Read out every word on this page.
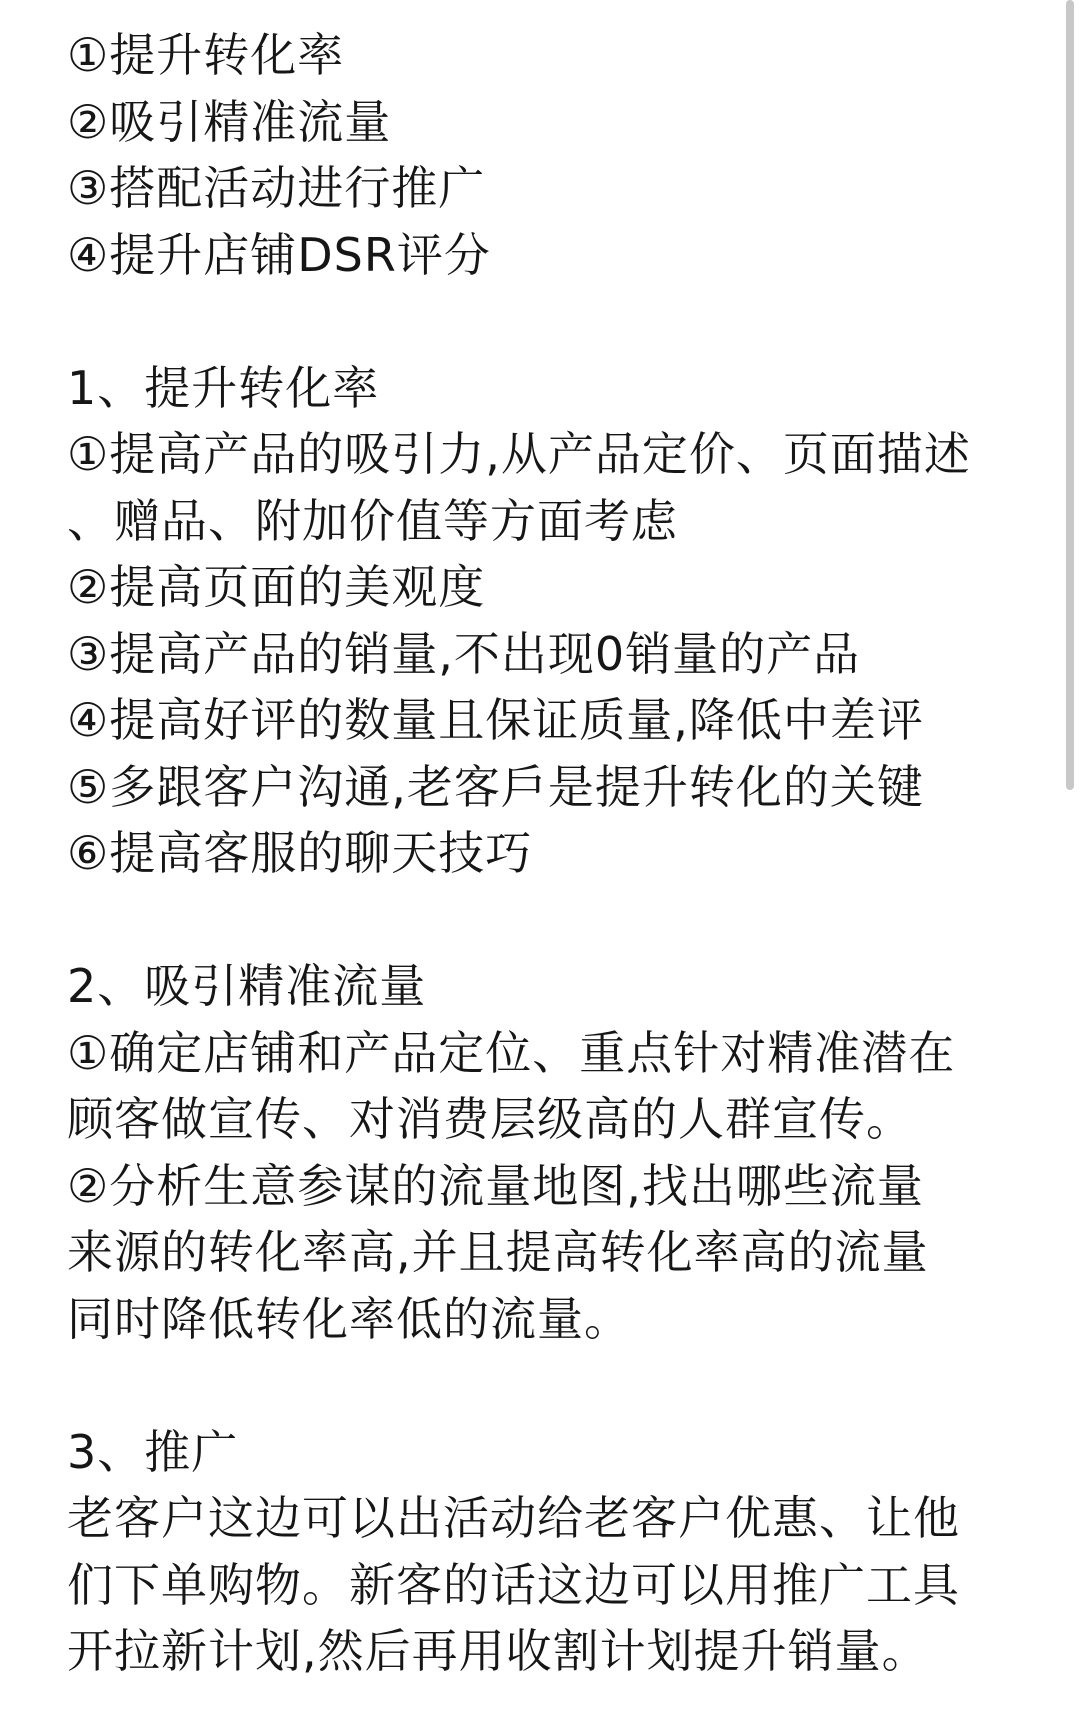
①提升转化率
②吸引精准流量
③搭配活动进行推广
④提升店铺DSR评分
1、提升转化率
①提高产品的吸引力,从产品定价、页面描述
、赠品、附加价值等方面考虑
②提高页面的美观度
③提高产品的销量,不出现0销量的产品
④提高好评的数量且保证质量,降低中差评
⑤多跟客户沟通,老客戶是提升转化的关键
⑥提高客服的聊天技巧
2、吸引精准流量
①确定店铺和产品定位、重点针对精准潜在
顾客做宣传、对消费层级高的人群宣传。
②分析生意参谋的流量地图,找出哪些流量
来源的转化率高,并且提高转化率高的流量
同时降低转化率低的流量。
3、推广
老客户这边可以出活动给老客户优惠、让他
们下单购物。新客的话这边可以用推广工具
开拉新计划,然后再用收割计划提升销量。
